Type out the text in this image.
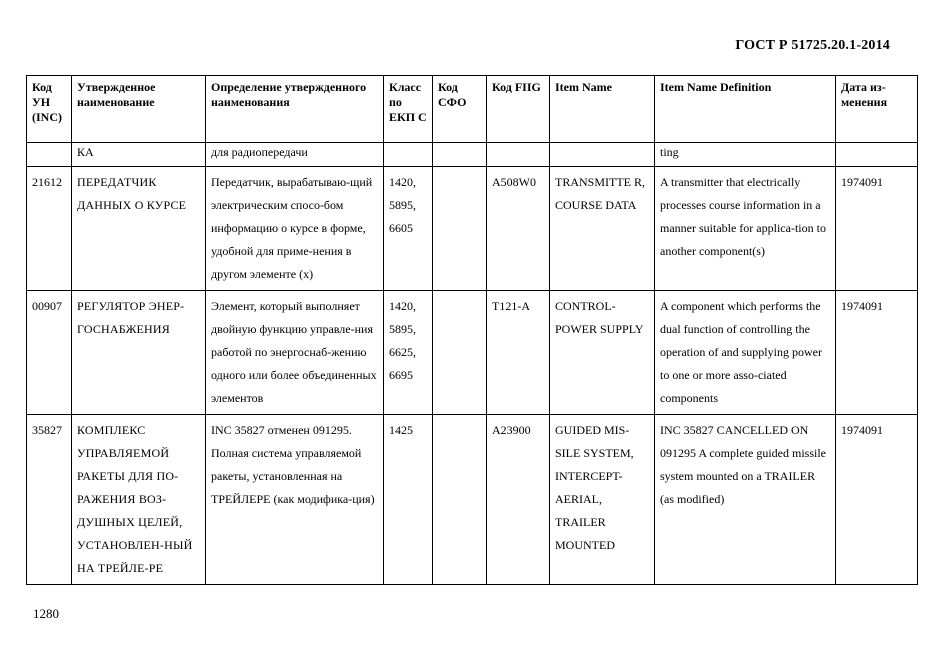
ГОСТ Р 51725.20.1-2014
Код УН (INC)	Утвержденное наименование	Определение утвержденного наименования	Класс по ЕКП С	Код СФО	Код FIIG	Item Name	Item Name Definition	Дата из-менения
	КА	для радиопередачи					ting	
21612	ПЕРЕДАТЧИК ДАННЫХ О КУРСЕ	Передатчик, вырабатываю-щий электрическим спосо-бом информацию о курсе в форме, удобной для приме-нения в другом элементе (х)	1420, 5895, 6605		A508W0	TRANSMITTE R, COURSE DATA	A transmitter that electrically processes course information in a manner suitable for applica-tion to another component(s)	1974091
00907	РЕГУЛЯТОР ЭНЕР-ГОСНАБЖЕНИЯ	Элемент, который выполняет двойную функцию управле-ния работой по энергоснаб-жению одного или более объединенных элементов	1420, 5895, 6625, 6695		T121-A	CONTROL-POWER SUPPLY	A component which performs the dual function of controlling the operation of and supplying power to one or more asso-ciated components	1974091
35827	КОМПЛЕКС УПРАВЛЯЕМОЙ РАКЕТЫ ДЛЯ ПО-РАЖЕНИЯ ВОЗ-ДУШНЫХ ЦЕЛЕЙ, УСТАНОВЛЕН-НЫЙ НА ТРЕЙЛЕ-РЕ	INC 35827 отменен 091295. Полная система управляемой ракеты, установленная на ТРЕЙЛЕРЕ (как модифика-ция)	1425		A23900	GUIDED MIS-SILE SYSTEM, INTERCEPT-AERIAL, TRAILER MOUNTED	INC 35827 CANCELLED ON 091295 A complete guided missile system mounted on a TRAILER (as modified)	1974091
1280
